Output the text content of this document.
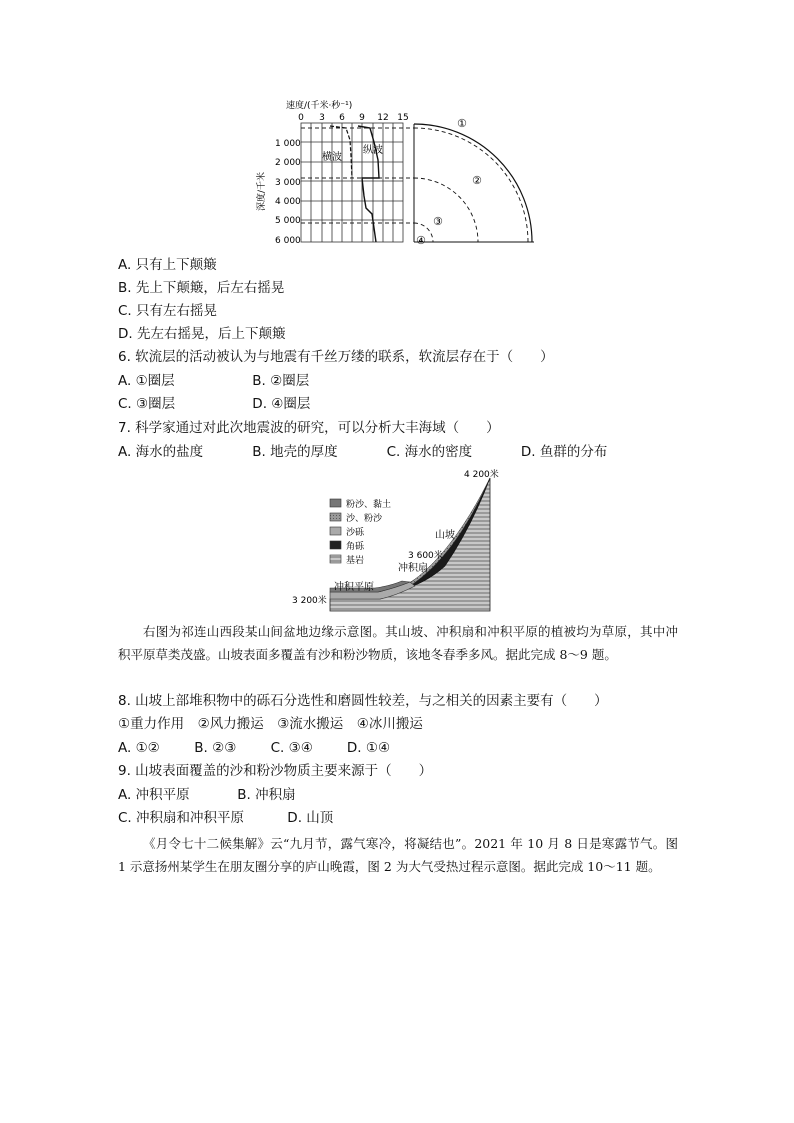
速度/(千米·秒⁻¹)
0 3 6 9 12 15
深度/千米
1 000
2 000
3 000
4 000
5 000
6 000
横波
纵波
①
②
③
④
A. 只有上下颠簸
B. 先上下颠簸，后左右摇晃
C. 只有左右摇晃
D. 先左右摇晃，后上下颠簸
6. 软流层的活动被认为与地震有千丝万缕的联系，软流层存在于（　　）
A. ①圈层	B. ②圈层
C. ③圈层	D. ④圈层
7. 科学家通过对此次地震波的研究，可以分析大丰海域（　　）
A. 海水的盐度	B. 地壳的厚度	C. 海水的密度	D. 鱼群的分布
粉沙、黏土
沙、粉沙
沙砾
角砾
基岩
4 200米
山坡
3 600米
冲积扇
冲积平原
3 200米
右图为祁连山西段某山间盆地边缘示意图。其山坡、冲积扇和冲积平原的植被均为草原，其中冲积平原草类茂盛。山坡表面多覆盖有沙和粉沙物质，该地冬春季多风。据此完成 8～9 题。
8. 山坡上部堆积物中的砾石分选性和磨圆性较差，与之相关的因素主要有（　　）
①重力作用　②风力搬运　③流水搬运　④冰川搬运
A. ①②	B. ②③	C. ③④	D. ①④
9. 山坡表面覆盖的沙和粉沙物质主要来源于（　　）
A. 冲积平原	B. 冲积扇
C. 冲积扇和冲积平原	D. 山顶
《月令七十二候集解》云“九月节，露气寒冷，将凝结也”。2021 年 10 月 8 日是寒露节气。图 1 示意扬州某学生在朋友圈分享的庐山晚霞，图 2 为大气受热过程示意图。据此完成 10～11 题。
